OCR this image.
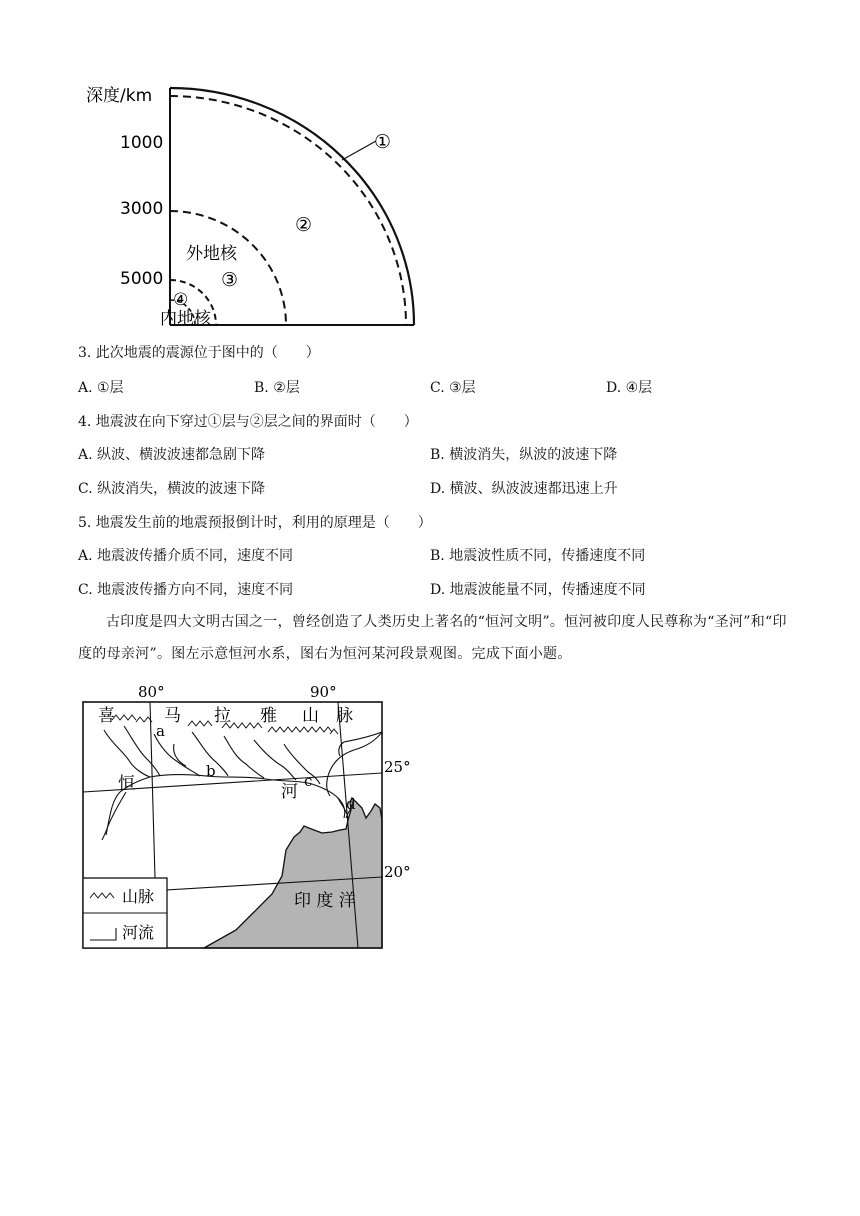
深度/km
1000
3000
5000
①
②
外地核
③
④
内地核
3. 此次地震的震源位于图中的（　　）
A. ①层	B. ②层	C. ③层	D. ④层
4. 地震波在向下穿过①层与②层之间的界面时（　　）
A. 纵波、横波波速都急剧下降	B. 横波消失，纵波的波速下降
C. 纵波消失，横波的波速下降	D. 横波、纵波波速都迅速上升
5. 地震发生前的地震预报倒计时，利用的原理是（　　）
A. 地震波传播介质不同，速度不同	B. 地震波性质不同，传播速度不同
C. 地震波传播方向不同，速度不同	D. 地震波能量不同，传播速度不同
古印度是四大文明古国之一，曾经创造了人类历史上著名的“恒河文明”。恒河被印度人民尊称为“圣河”和“印度的母亲河”。图左示意恒河水系，图右为恒河某河段景观图。完成下面小题。
80°	90°
25°
20°
喜	马 拉 雅 山 脉
恒	河
a
b
c
d
印 度 洋
山脉
河流
